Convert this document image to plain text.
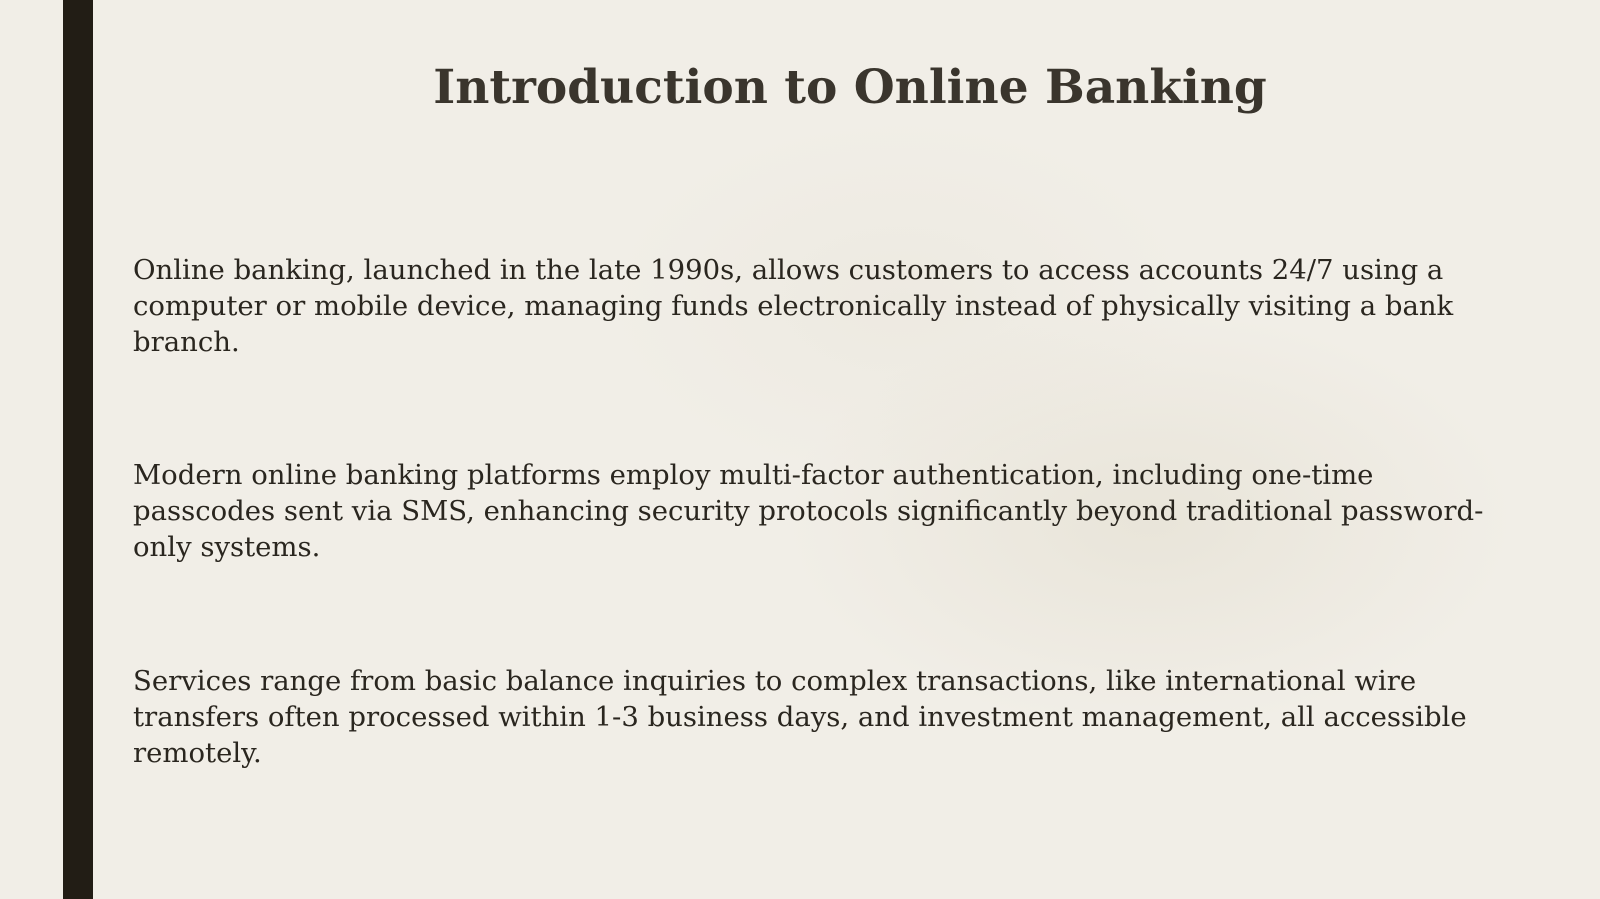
Introduction to Online Banking

Online banking, launched in the late 1990s, allows customers to access accounts 24/7 using a computer or mobile device, managing funds electronically instead of physically visiting a bank branch.

Modern online banking platforms employ multi-factor authentication, including one-time passcodes sent via SMS, enhancing security protocols significantly beyond traditional password-only systems.

Services range from basic balance inquiries to complex transactions, like international wire transfers often processed within 1-3 business days, and investment management, all accessible remotely.
